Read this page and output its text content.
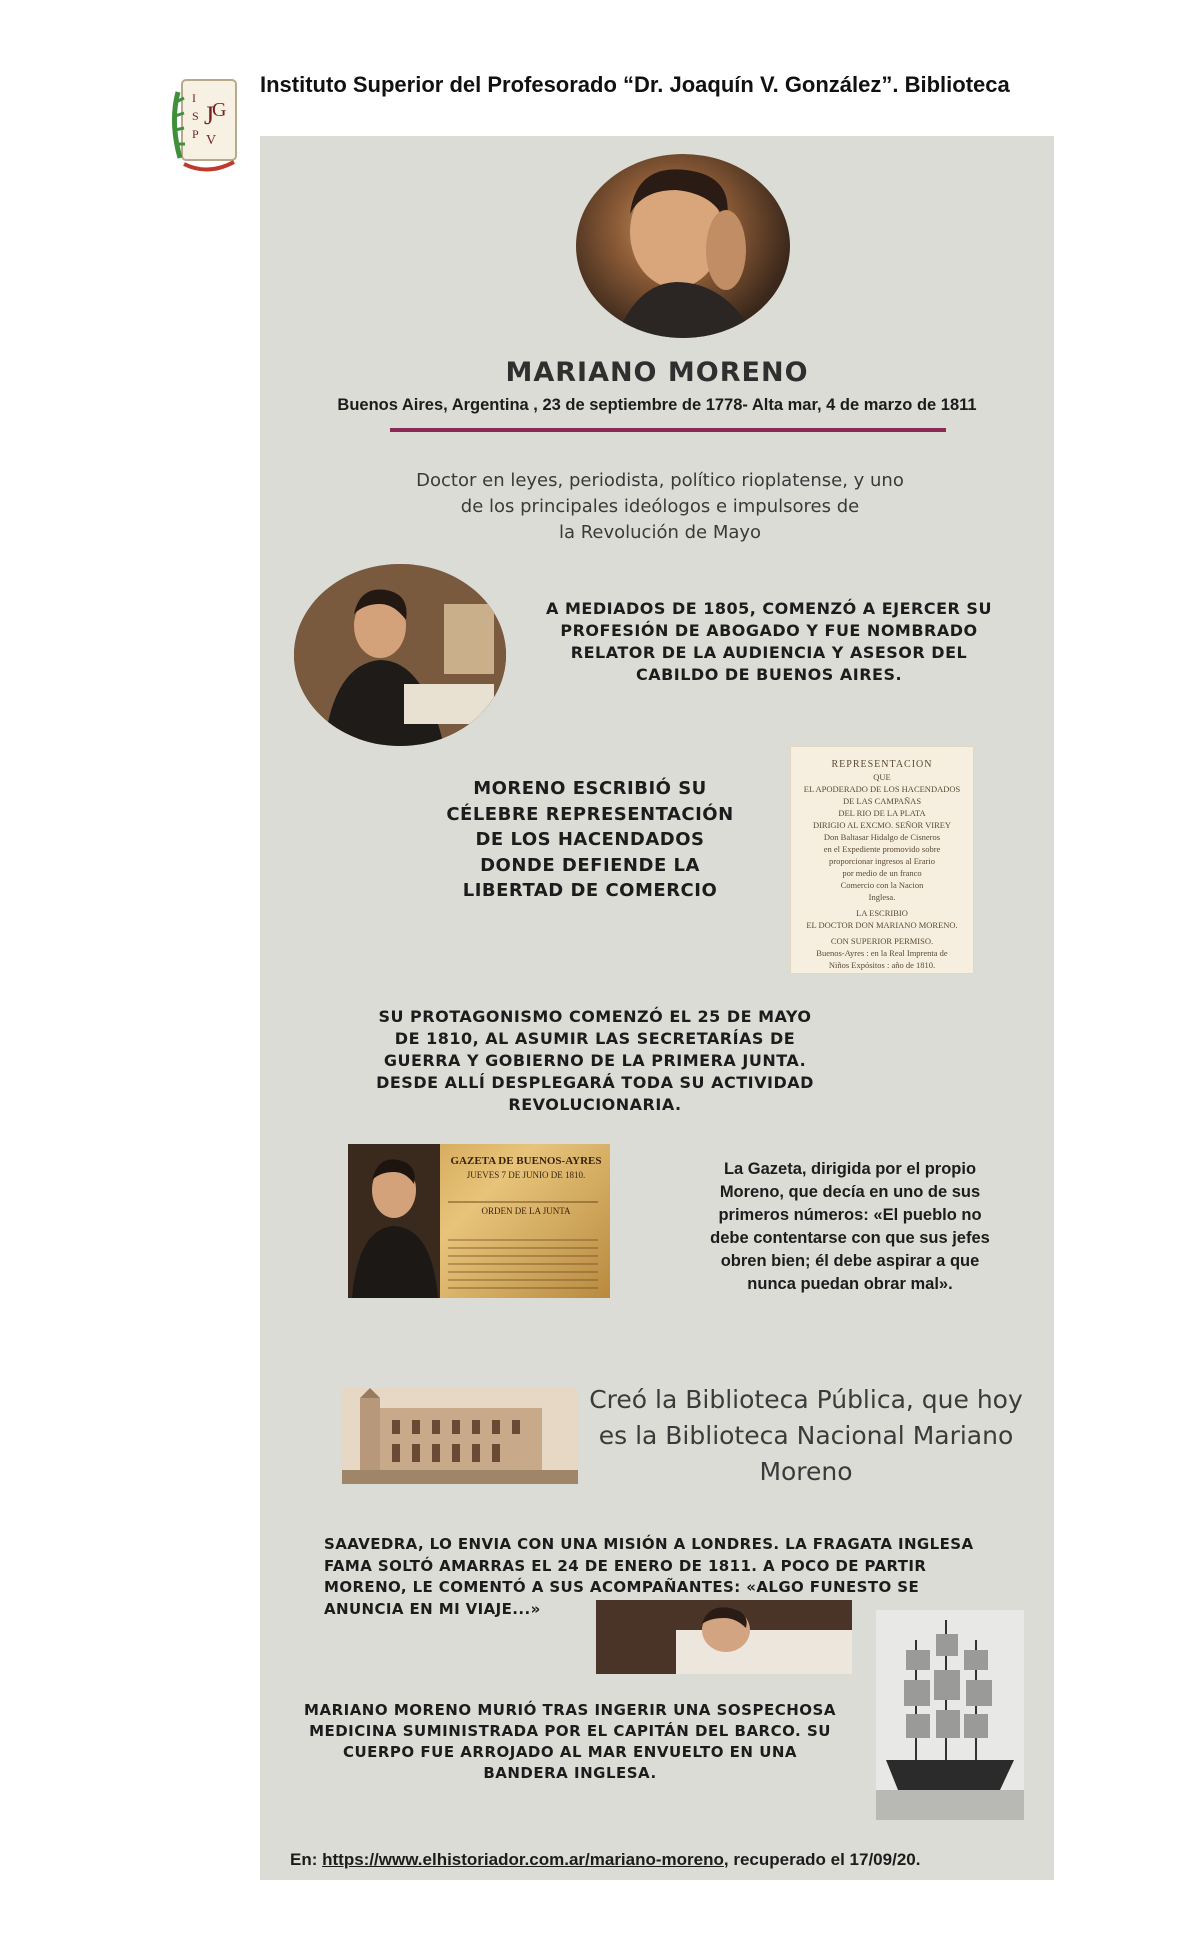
I
S
P
J
G
V
Instituto Superior del Profesorado “Dr. Joaquín V. González”. Biblioteca
MARIANO MORENO
Buenos Aires, Argentina , 23 de septiembre de 1778- Alta mar, 4 de marzo de 1811
Doctor en leyes, periodista, político rioplatense, y uno
de los principales ideólogos e impulsores de
la Revolución de Mayo
A MEDIADOS DE 1805, COMENZÓ A EJERCER SU
PROFESIÓN DE ABOGADO Y FUE NOMBRADO
RELATOR DE LA AUDIENCIA Y ASESOR DEL
CABILDO DE BUENOS AIRES.
MORENO ESCRIBIÓ SU
CÉLEBRE REPRESENTACIÓN
DE LOS HACENDADOS
DONDE DEFIENDE LA
LIBERTAD DE COMERCIO
REPRESENTACION
QUE
EL APODERADO DE LOS HACENDADOS
DE LAS CAMPAÑAS
DEL RIO DE LA PLATA
DIRIGIO AL EXCMO. SEÑOR VIREY
Don Baltasar Hidalgo de Cisneros
en el Expediente promovido sobre
proporcionar ingresos al Erario
por medio de un franco
Comercio con la Nacion
Inglesa.
LA ESCRIBIO
EL DOCTOR DON MARIANO MORENO.
CON SUPERIOR PERMISO.
Buenos-Ayres : en la Real Imprenta de
Niños Expósitos : año de 1810.
SU PROTAGONISMO COMENZÓ EL 25 DE MAYO
DE 1810, AL ASUMIR LAS SECRETARÍAS DE
GUERRA Y GOBIERNO DE LA PRIMERA JUNTA.
DESDE ALLÍ DESPLEGARÁ TODA SU ACTIVIDAD
REVOLUCIONARIA.
GAZETA DE BUENOS-AYRES
JUEVES 7 DE JUNIO DE 1810.
ORDEN DE LA JUNTA
La Gazeta, dirigida por el propio
Moreno, que decía en uno de sus
primeros números: «El pueblo no
debe contentarse con que sus jefes
obren bien; él debe aspirar a que
nunca puedan obrar mal».
Creó la Biblioteca Pública, que hoy
es la Biblioteca Nacional Mariano
Moreno
SAAVEDRA, LO ENVIA CON UNA MISIÓN A LONDRES. LA FRAGATA INGLESA
FAMA SOLTÓ AMARRAS EL 24 DE ENERO DE 1811. A POCO DE PARTIR
MORENO, LE COMENTÓ A SUS ACOMPAÑANTES: «ALGO FUNESTO SE
ANUNCIA EN MI VIAJE...»
MARIANO MORENO MURIÓ TRAS INGERIR UNA SOSPECHOSA
MEDICINA SUMINISTRADA POR EL CAPITÁN DEL BARCO. SU
CUERPO FUE ARROJADO AL MAR ENVUELTO EN UNA
BANDERA INGLESA.
En: https://www.elhistoriador.com.ar/mariano-moreno, recuperado el 17/09/20.
